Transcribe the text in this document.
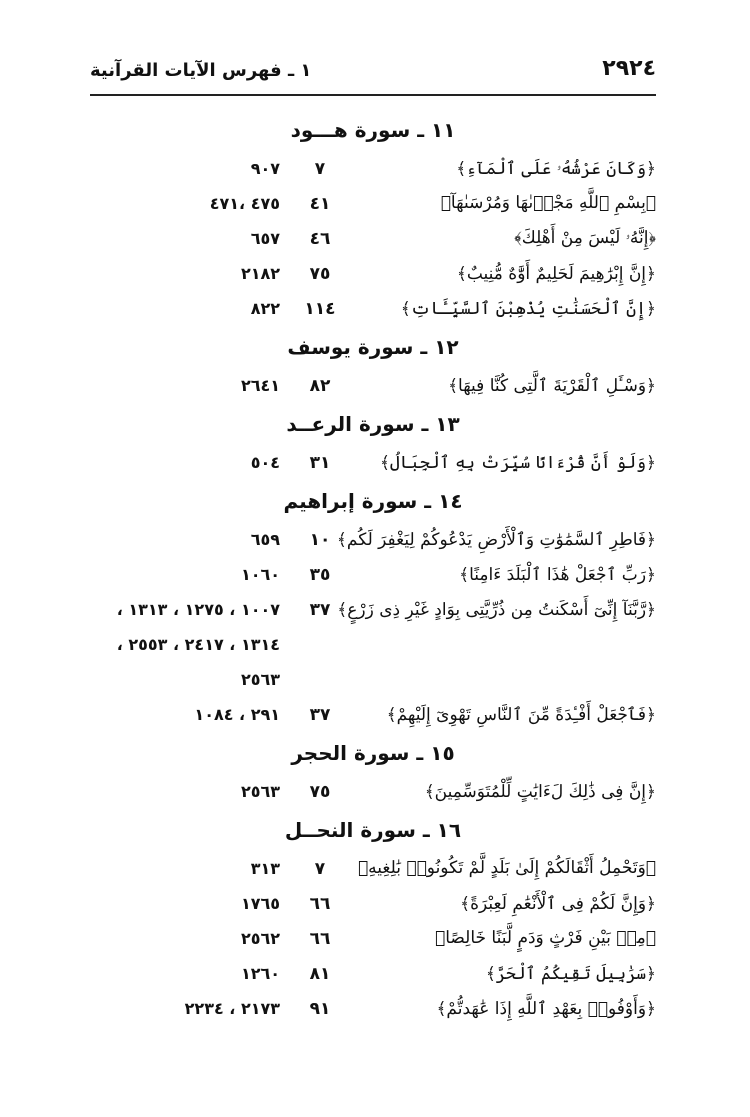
١ ـ فهرس الآيات القرآنية	٢٩٢٤
١١ ـ سورة هـــود
﴿وَكَانَ عَرْشُهُۥ عَلَى ٱلْمَآءِ﴾
٧
٩٠٧
﴿بِسْمِ ٱللَّهِ مَجْر۪ىٰهَا وَمُرْسَىٰهَآ﴾
٤١
٤٧٥ ،٤٧١
﴿إِنَّهُۥ لَيْسَ مِنْ أَهْلِكَ﴾
٤٦
٦٥٧
﴿إِنَّ إِبْرَٰهِيمَ لَحَلِيمٌ أَوَّٰهٌ مُّنِيبٌ﴾
٧٥
٢١٨٢
﴿إِنَّ ٱلْحَسَنَٰتِ يُذْهِبْنَ ٱلسَّيِّـَٔاتِ﴾
١١٤
٨٢٢
١٢ ـ سورة يوسف
﴿وَسْـَٔلِ ٱلْقَرْيَةَ ٱلَّتِى كُنَّا فِيهَا﴾
٨٢
٢٦٤١
١٣ ـ سورة الرعــد
﴿وَلَوْ أَنَّ قُرْءَانًا سُيِّرَتْ بِهِ ٱلْجِبَالُ﴾
٣١
٥٠٤
١٤ ـ سورة إبراهيم
﴿فَاطِرِ ٱلسَّمَٰوَٰتِ وَٱلْأَرْضِ يَدْعُوكُمْ لِيَغْفِرَ لَكُم﴾
١٠
٦٥٩
﴿رَبِّ ٱجْعَلْ هَٰذَا ٱلْبَلَدَ ءَامِنًا﴾
٣٥
١٠٦٠
﴿رَّبَّنَآ إِنِّىٓ أَسْكَنتُ مِن ذُرِّيَّتِى بِوَادٍ غَيْرِ ذِى زَرْعٍ﴾
٣٧
١٠٠٧ ، ١٢٧٥ ، ١٣١٣ ،
١٣١٤ ، ٢٤١٧ ، ٢٥٥٣ ،
٢٥٦٣
﴿فَٱجْعَلْ أَفْـِٔدَةً مِّنَ ٱلنَّاسِ تَهْوِىٓ إِلَيْهِمْ﴾
٣٧
٢٩١ ، ١٠٨٤
١٥ ـ سورة الحجر
﴿إِنَّ فِى ذَٰلِكَ لَءَايَٰتٍ لِّلْمُتَوَسِّمِينَ﴾
٧٥
٢٥٦٣
١٦ ـ سورة النحــل
﴿وَتَحْمِلُ أَثْقَالَكُمْ إِلَىٰ بَلَدٍ لَّمْ تَكُونُوا۟ بَٰلِغِيهِ﴾
٧
٣١٣
﴿وَإِنَّ لَكُمْ فِى ٱلْأَنْعَٰمِ لَعِبْرَةً﴾
٦٦
١٧٦٥
﴿مِنۢ بَيْنِ فَرْثٍ وَدَمٍ لَّبَنًا خَالِصًا﴾
٦٦
٢٥٦٢
﴿سَرَٰبِيلَ تَقِيكُمُ ٱلْحَرَّ﴾
٨١
١٢٦٠
﴿وَأَوْفُوا۟ بِعَهْدِ ٱللَّهِ إِذَا عَٰهَدتُّمْ﴾
٩١
٢١٧٣ ، ٢٢٣٤
